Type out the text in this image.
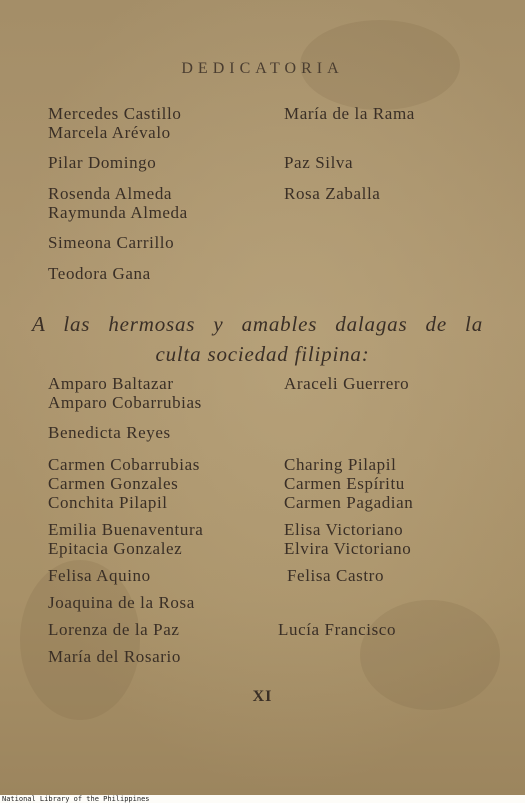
DEDICATORIA
Mercedes Castillo
Marcela Arévalo
Pilar Domingo
Rosenda Almeda
Raymunda Almeda
Simeona Carrillo
Teodora Gana
María de la Rama
Paz Silva
Rosa Zaballa
A las hermosas y amables dalagas de la
culta sociedad filipina:
Amparo Baltazar
Amparo Cobarrubias
Benedicta Reyes
Carmen Cobarrubias
Carmen Gonzales
Conchita Pilapil
Emilia Buenaventura
Epitacia Gonzalez
Felisa Aquino
Joaquina de la Rosa
Lorenza de la Paz
María del Rosario
Araceli Guerrero
Charing Pilapil
Carmen Espíritu
Carmen Pagadian
Elisa Victoriano
Elvira Victoriano
Felisa Castro
Lucía Francisco
XI
National Library of the Philippines
